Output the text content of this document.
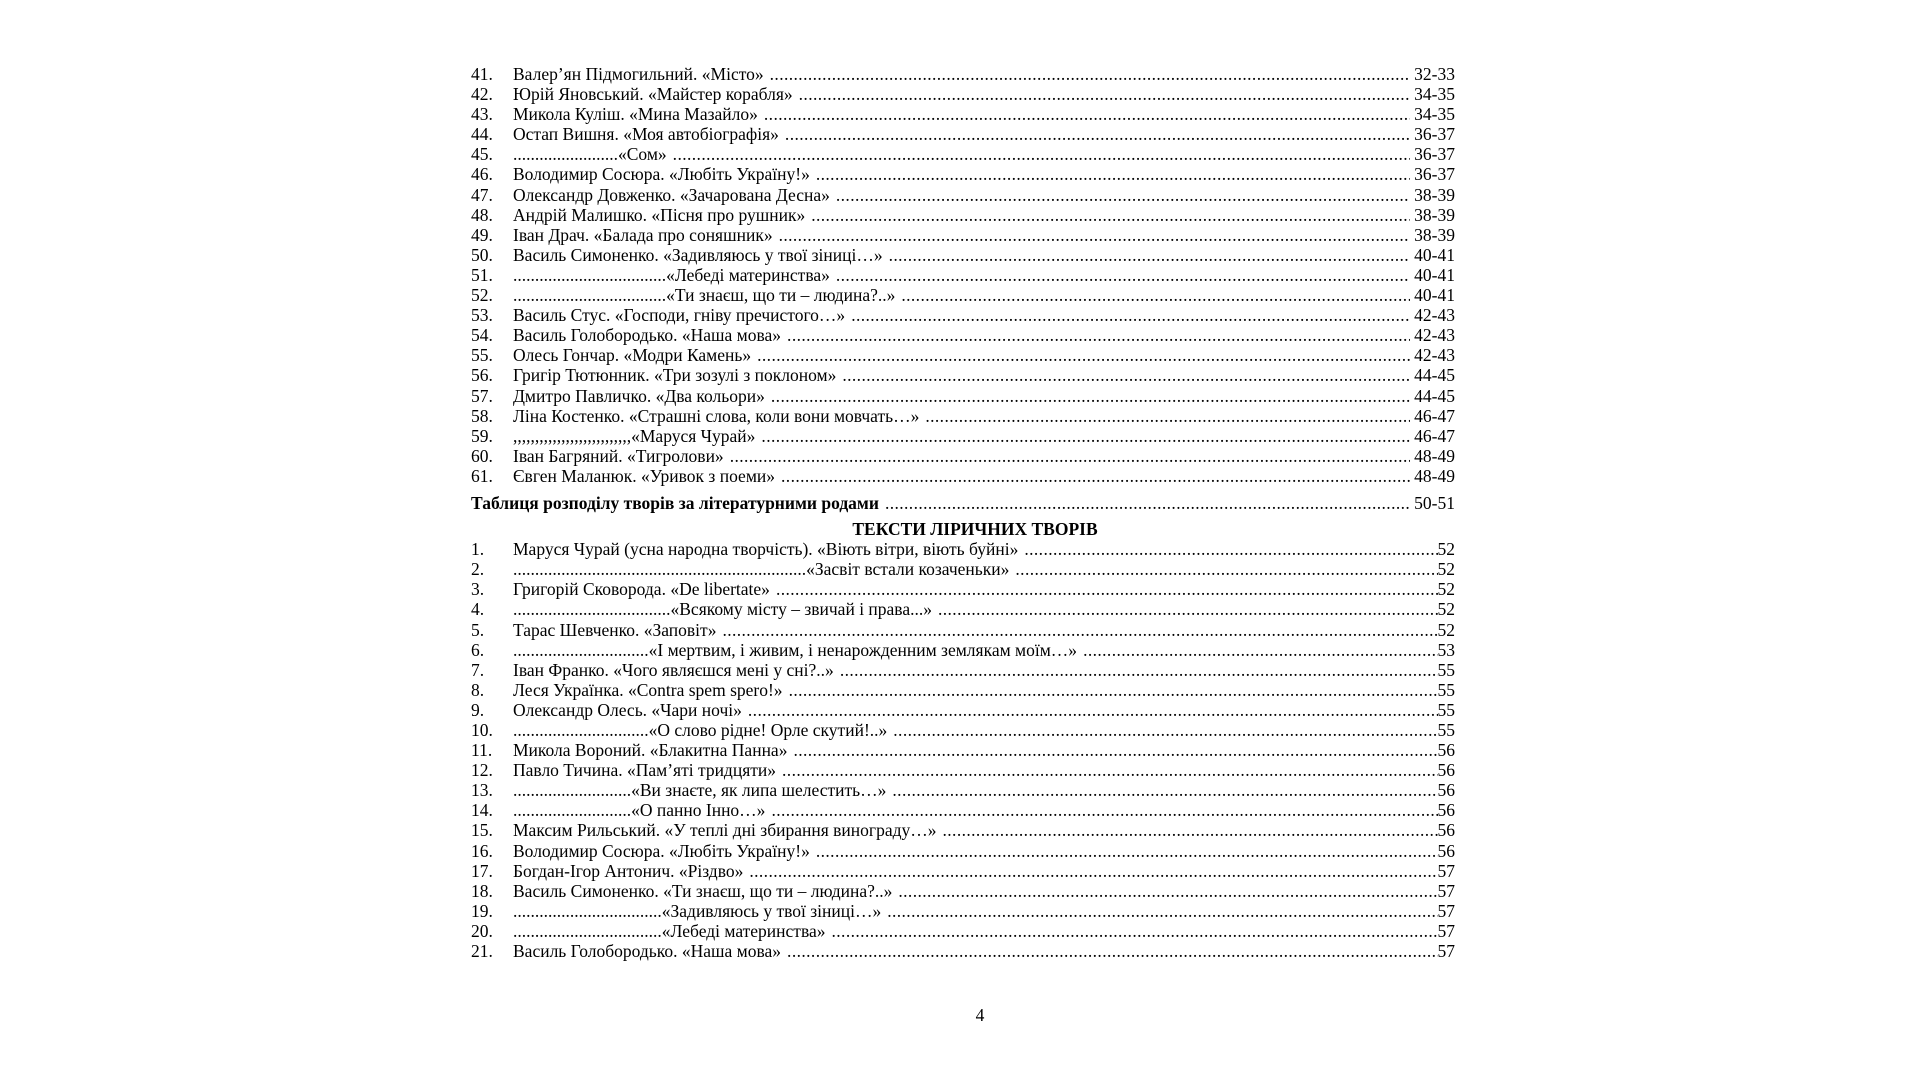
41.	Валер’ян Підмогильний. «Місто» .....	32-33
42.	Юрій Яновський. «Майстер корабля» .....	34-35
43.	Микола Куліш. «Мина Мазайло» .....	34-35
44.	Остап Вишня. «Моя автобіографія» .....	36-37
45.	........................«Сом» .....	36-37
46.	Володимир Сосюра. «Любіть Україну!» .....	36-37
47.	Олександр Довженко. «Зачарована Десна» .....	38-39
48.	Андрій Малишко. «Пісня про рушник» .....	38-39
49.	Іван Драч. «Балада про соняшник» .....	38-39
50.	Василь Симоненко. «Задивляюсь у твої зіниці…» .....	40-41
51.	...................................«Лебеді материнства» .....	40-41
52.	...................................«Ти знаєш, що ти – людина?..» .....	40-41
53.	Василь Стус. «Господи, гніву пречистого…» .....	42-43
54.	Василь Голобородько. «Наша мова» .....	42-43
55.	Олесь Гончар. «Модри Камень» .....	42-43
56.	Григір Тютюнник. «Три зозулі з поклоном» .....	44-45
57.	Дмитро Павличко. «Два кольори» .....	44-45
58.	Ліна Костенко. «Страшні слова, коли вони мовчать…» .....	46-47
59.	,,,,,,,,,,,,,,,,,,,,,,,,,,,«Маруся Чурай» .....	46-47
60.	Іван Багряний. «Тигролови» .....	48-49
61.	Євген Маланюк. «Уривок з поеми» .....	48-49
Таблиця розподілу творів за літературними родами .....	50-51
ТЕКСТИ ЛІРИЧНИХ ТВОРІВ
1.	Маруся Чурай (усна народна творчість). «Віють вітри, віють буйні» .....	52
2.	...................................................................«Засвіт встали козаченьки» .....	52
3.	Григорій Сковорода. «De libertate» .....	52
4.	....................................«Всякому місту – звичай і права...» .....	52
5.	Тарас Шевченко. «Заповіт» .....	52
6.	...............................«І мертвим, і живим, і ненарожденним землякам моїм…» .....	53
7.	Іван Франко. «Чого являєшся мені у сні?..» .....	55
8.	Леся Українка. «Contra spem spero!» .....	55
9.	Олександр Олесь. «Чари ночі» .....	55
10.	...............................«О слово рідне! Орле скутий!..» .....	55
11.	Микола Вороний. «Блакитна Панна» .....	56
12.	Павло Тичина. «Пам’яті тридцяти» .....	56
13.	...........................«Ви знаєте, як липа шелестить…» .....	56
14.	...........................«О панно Інно…» .....	56
15.	Максим Рильський. «У теплі дні збирання винограду…» .....	56
16.	Володимир Сосюра. «Любіть Україну!» .....	56
17.	Богдан-Ігор Антонич. «Різдво» .....	57
18.	Василь Симоненко. «Ти знаєш, що ти – людина?..» .....	57
19.	..................................«Задивляюсь у твої зіниці…» .....	57
20.	..................................«Лебеді материнства» .....	57
21.	Василь Голобородько. «Наша мова» .....	57
4
